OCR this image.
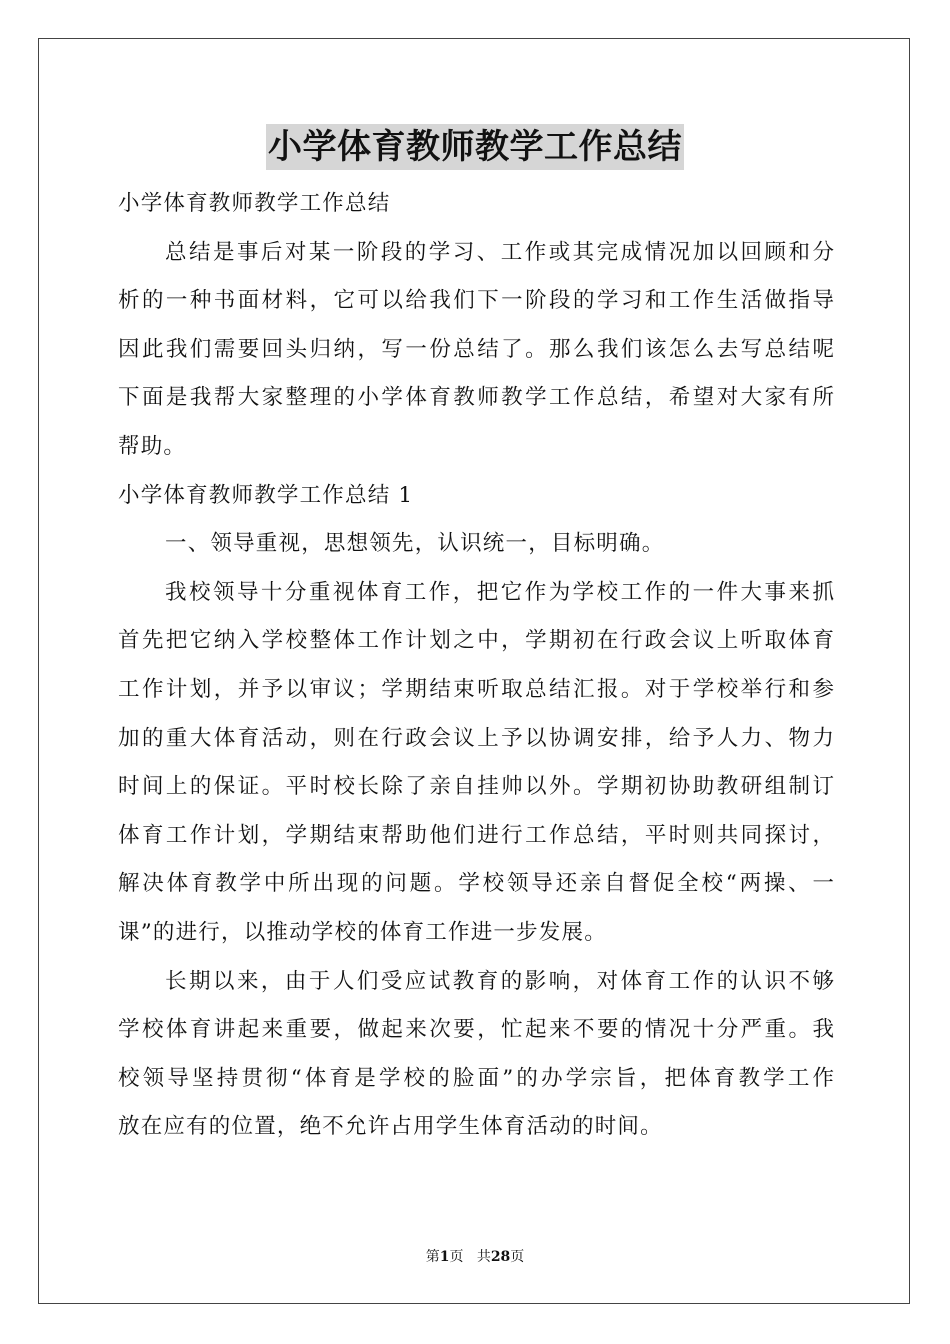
小学体育教师教学工作总结
小学体育教师教学工作总结
总结是事后对某一阶段的学习、工作或其完成情况加以回顾和分
析的一种书面材料，它可以给我们下一阶段的学习和工作生活做指导
因此我们需要回头归纳，写一份总结了。那么我们该怎么去写总结呢
下面是我帮大家整理的小学体育教师教学工作总结，希望对大家有所
帮助。
小学体育教师教学工作总结 1
一、领导重视，思想领先，认识统一，目标明确。
我校领导十分重视体育工作，把它作为学校工作的一件大事来抓
首先把它纳入学校整体工作计划之中，学期初在行政会议上听取体育
工作计划，并予以审议；学期结束听取总结汇报。对于学校举行和参
加的重大体育活动，则在行政会议上予以协调安排，给予人力、物力
时间上的保证。平时校长除了亲自挂帅以外。学期初协助教研组制订
体育工作计划，学期结束帮助他们进行工作总结，平时则共同探讨，
解决体育教学中所出现的问题。学校领导还亲自督促全校“两操、一
课”的进行，以推动学校的体育工作进一步发展。
长期以来，由于人们受应试教育的影响，对体育工作的认识不够
学校体育讲起来重要，做起来次要，忙起来不要的情况十分严重。我
校领导坚持贯彻“体育是学校的脸面”的办学宗旨，把体育教学工作
放在应有的位置，绝不允许占用学生体育活动的时间。
第1页 共28页
